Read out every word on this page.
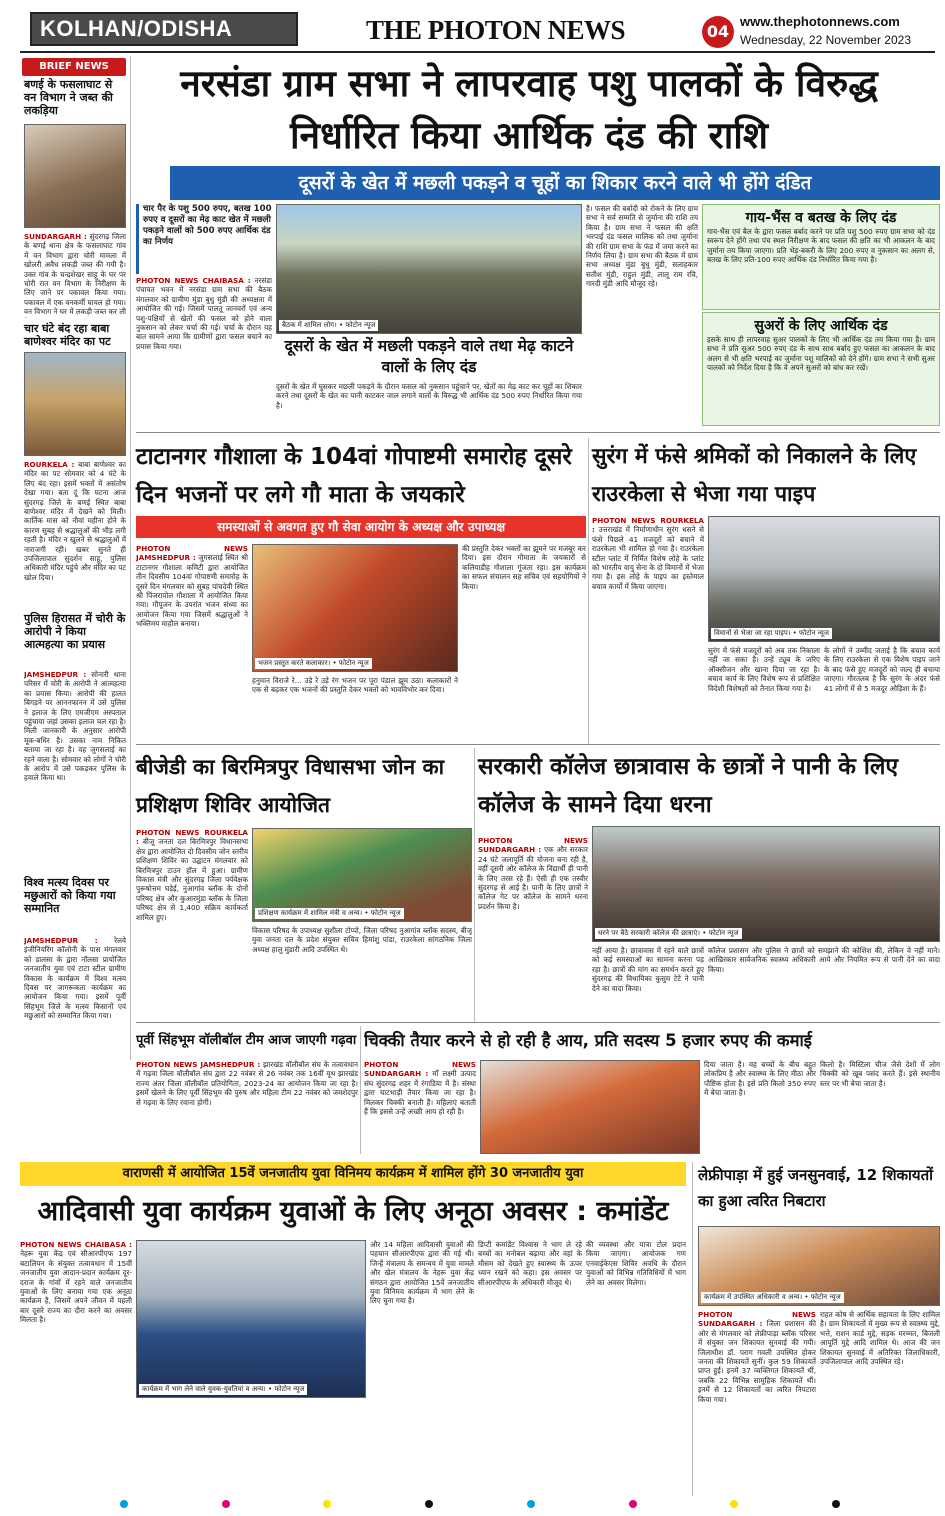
KOLHAN/ODISHA	THE PHOTON NEWS	04
www.thephotonnews.com
Wednesday, 22 November 2023
BRIEF NEWS
बणई के फसलाघाट से वन विभाग ने जब्त की लकड़िया
SUNDARGARH : सुंदरगढ़ जिला के बणई थाना क्षेत्र के फसलाघाट गांव में वन विभाग द्वारा चोरी मामला में खोलरी अवैध लकड़ी जब्त की गयी है। उक्त गांव के चन्द्रशेखर साहू के घर पर चोरी रात वन विभाग के निरीक्षण के लिए जाने पर पकावल किया गया। पकावल में एक वनकर्मी घायल हो गया। वन विभाग ने घर में लकड़ी जब्त कर ली
चार घंटे बंद रहा बाबा बाणेश्वर मंदिर का पट
ROURKELA : बाबा बाणेश्वर का मंदिर का पट सोमवार को 4 घंटे के लिए बंद रहा। इसमें भक्तों में असंतोष देखा गया। बता दूं कि घटना आज सुंदरगढ़ जिले के बणई स्थित बाबा बाणेश्वर मंदिर में देखने को मिली। कार्तिक मास को नौवां महीना होने के कारण सुबह से श्रद्धालुओं की भीड़ लगी रहती है। मंदिर न खुलने से श्रद्धालुओं में नाराजगी रही। खबर सुनते ही उपजिलापाल सुदर्शन साहू, पुलिस अधिकारी मंदिर पहुंचे और मंदिर का पट खोल दिया।
पुलिस हिरासत में चोरी के आरोपी ने किया आत्महत्या का प्रयास
JAMSHEDPUR : सोनारी थाना परिसर में चोरी के आरोपी ने आत्महत्या का प्रयास किया। आरोपी की हालत बिगड़ने पर आननफानन में उसे पुलिस ने इलाज के लिए एमजीएम अस्पताल पहुंचाया जहां उसका इलाज चल रहा है। मिली जानकारी के अनुसार आरोपी मूक-बधिर है। उसका नाम निकित बताया जा रहा है। वह जुगसलाई का रहने वाला है। सोमवार को लोगों ने चोरी के आरोप में उसे पकड़कर पुलिस के हवाले किया था।
विश्व मत्स्य दिवस पर मछुआरों को किया गया सम्मानित
JAMSHEDPUR : रेलवे इंजीनियरिंग कॉलोनी के पास मंगलवार को डालसा के द्वारा नॉलसा प्रायोजित जनजातीय युवा एवं टाटा स्टील ग्रामीण विकास के कार्यक्रम में विश्व मत्स्य दिवस पर जागरूकता कार्यक्रम का आयोजन किया गया। इसमें पूर्वी सिंहभूम जिले के मत्स्य किसानों एवं मछुआरों को सम्मानित किया गया।
नरसंडा ग्राम सभा ने लापरवाह पशु पालकों के विरुद्ध निर्धारित किया आर्थिक दंड की राशि
दूसरों के खेत में मछली पकड़ने व चूहों का शिकार करने वाले भी होंगे दंडित
चार पैर के पशु 500 रुपए, बतख 100 रुपए व दूसरों का मेढ़ काट खेत में मछली पकड़ने वालों को 500 रुपए आर्थिक दंड का निर्णय
PHOTON NEWS CHAIBASA : नरसंडा पंचायत भवन में नरसंडा ग्राम सभा की बैठक मंगलवार को ग्रामीण मुंडा बुधु मुंडी की अध्यक्षता में आयोजित की गई। जिसमें पालतू जानवरों एवं अन्य पशु-पक्षियों से खेतों की फसल को होने वाला नुकसान को लेकर चर्चा की गई। चर्चा के दौरान यह बात सामने आया कि ग्रामीणों द्वारा फसल बचाने का प्रयास किया गया।
बैठक में शामिल लोग। • फोटोन न्यूज
दूसरों के खेत में मछली पकड़ने वाले तथा मेढ़ काटने वालों के लिए दंड
दूसरों के खेत में घुसकर मछली पकड़ने के दौरान फसल को नुकसान पहुंचाने पर, खेतों का मेढ़ काट कर चूहों का शिकार करने तथा दूसरों के खेत का पानी काटकर जाल लगाने वालों के विरुद्ध भी आर्थिक दंड 500 रुपए निर्धारित किया गया है।
है। फसल की बर्बादी को रोकने के लिए ग्राम सभा ने सर्व सम्मति से जुर्माना की राशि तय किया है। ग्राम सभा ने फसल की क्षति भरपाई दंड फसल मालिक को तथा जुर्माना की राशि ग्राम सभा के फंड में जमा करने का निर्णय लिया है। ग्राम सभा की बैठक में ग्राम सभा अध्यक्ष मुंडा बुधु मुंडी, सलाहकार सतीश मुंडी, राहुल मुंडी, लालू राम रवि, गारदी मुंडी आदि मौजूद रहे।
गाय-भैंस व बतख के लिए दंड
गाय-भैंस एवं बैल के द्वारा फसल बर्बाद करने पर प्रति पशु 500 रुपए ग्राम सभा को दंड स्वरूप देने होंगे तथा पंच स्थल निरीक्षण के बाद फसल की क्षति का भी आकलन के बाद जुर्माना तय किया जाएगा। प्रति भेड़-बकरी के लिए 200 रुपए व नुकसान का अलग से, बतख के लिए प्रति-100 रुपए आर्थिक दंड निर्धारित किया गया है।
सुअरों के लिए आर्थिक दंड
इसके साथ ही लापरवाह सुअर पालकों के लिए भी आर्थिक दंड तय किया गया है। ग्राम सभा ने प्रति सुअर 500 रुपए दंड के साथ साथ बर्बाद हुए फसल का आकलन के बाद अलग से भी क्षति भरपाई का जुर्माना पशु मालिकों को देने होंगे। ग्राम सभा ने सभी सुअर पालकों को निर्देश दिया है कि वे अपने सुअरों को बांध कर रखें।
टाटानगर गौशाला के 104वां गोपाष्टमी समारोह दूसरे दिन भजनों पर लगे गौ माता के जयकारे
समस्याओं से अवगत हुए गौ सेवा आयोग के अध्यक्ष और उपाध्यक्ष
PHOTON NEWS JAMSHEDPUR : जुगसलाई स्थित श्री टाटानगर गौशाला कमिटी द्वारा आयोजित तीन दिवसीय 104वां गोपाष्टमी समारोह के दूसरे दिन मंगलवार को सुबह पांचदेवी स्थित श्री पिंजरापोल गौशाला में आयोजित किया गया। गौपूजन के उपरांत भजन संध्या का आयोजन किया गया जिसमें श्रद्धालुओं ने भक्तिमय माहौल बनाया।
भजन प्रस्तुत करते कलाकार। • फोटोन न्यूज
हनुमान विराजे रे... उड़े रे उड़े रंग भजन पर पूरा पंडाल झूम उठा। कलाकारों ने एक से बढ़कर एक भजनों की प्रस्तुति देकर भक्तों को भावविभोर कर दिया।
की प्रस्तुति देकर भक्तों का झूमने पर मजबूर कर दिया। इस दौरान गौमाता के जयकारों से कलियाडीह गौशाला गूंजता रहा। इस कार्यक्रम का सफल संचालन सह सचिव एवं सहयोगियों ने किया।
सुरंग में फंसे श्रमिकों को निकालने के लिए राउरकेला से भेजा गया पाइप
PHOTON NEWS ROURKELA : उत्तराखंड में निर्माणाधीन सुरंग धसने से फंसे पिछले 41 मजदूरों को बचाने में राउरकेला भी शामिल हो गया है। राउरकेला स्टील प्लांट में निर्मित विशेष लोहे के प्लांट को भारतीय वायु सेना के दो विमानों में भेजा गया है। इस लोहे के पाइप का इस्तेमाल बचाव कार्यों में किया जाएगा।
विमानों से भेजा जा रहा पाइप। • फोटोन न्यूज
सुरंग में फंसे मजदूरों को अब तक निकाला नहीं जा सका है। उन्हें ट्यूब के जरिए ऑक्सीजन और खाना दिया जा रहा है। बचाव कार्य के लिए विशेष रूप से प्रशिक्षित विदेशी विशेषज्ञों को तैनात किया गया है।
के लोगों ने उम्मीद जताई है कि बचाव कार्य के लिए राउरकेला से एक विशेष पाइप जाने के बाद फंसे हुए मजदूरों को जल्द ही बचाया जाएगा। गौरतलब है कि सुरंग के अंदर फंसे 41 लोगों में से 5 मजदूर ओड़िशा के हैं।
बीजेडी का बिरमित्रपुर विधासभा जोन का प्रशिक्षण शिविर आयोजित
PHOTON NEWS ROURKELA : बीजू जनता दल बिरमित्रपुर विधानसभा क्षेत्र द्वारा आयोजित दो दिवसीय जोन स्तरीय प्रशिक्षण शिविर का उद्घाटन मंगलवार को बिरमित्रपुर टाउन हॉल में हुआ। ग्रामीण विकास मंत्री और सुंदरगढ़ जिला पर्यवेक्षक पुरूषोत्तम घड़ेई, नुआगांव ब्लॉक के दोनों परिषद क्षेत्र और कुआरमुंडा ब्लॉक के जिला परिषद क्षेत्र से 1,400 सक्रिय कार्यकर्ता शामिल हुए।	प्रशिक्षण कार्यक्रम में शामिल मंत्री व अन्य। • फोटोन न्यूज
विकास परिषद के उपाध्यक्ष सुशीला टोप्पो, जिला परिषद नुआगांव ब्लॉक सदस्य, बीजू युवा जनता दल के प्रदेश संयुक्त सचिव हिमांशु पांडा, राउरकेला सांगठनिक जिला अध्यक्ष हालु मुंडारी आदि उपस्थित थे।
सरकारी कॉलेज छात्रावास के छात्रों ने पानी के लिए कॉलेज के सामने दिया धरना
PHOTON NEWS SUNDARGARH : एक और सरकार 24 घंटे जलापूर्ति की योजना बना रही है, वहीं दूसरी ओर कॉलेज के विद्यार्थी ही पानी के लिए तरस रहे हैं। ऐसी ही एक तस्वीर सुंदरगढ़ से आई है। पानी के लिए छात्रों ने कॉलेज गेट पर कॉलेज के सामने धरना प्रदर्शन किया है।
धरने पर बैठे सरकारी कॉलेज की छात्राएं। • फोटोन न्यूज
नहीं आया है। छात्रावास में रहने वाले छात्रों को कई समस्याओं का सामना करना पड़ रहा है। छात्रों की मांग का समर्थन करते हुए सुंदरगढ़ की विधायिका कुसुम टेटे ने पानी देने का वादा किया।
कॉलेज प्रशासन और पुलिस ने छात्रों को समझाने की कोशिश की, लेकिन वे नहीं माने। आखिरकार सार्वजनिक स्वास्थ्य अधिकारी आये और नियमित रूप से पानी देने का वादा किया।
पूर्वी सिंहभूम वॉलीबॉल टीम आज जाएगी गढ़वा
PHOTON NEWS JAMSHEDPUR : झारखंड वॉलीबॉल संघ के तत्वावधान में गढ़वा जिला वॉलीबॉल संघ द्वारा 22 नवंबर से 26 नवंबर तक 16वीं यूथ झारखंड राज्य अंतर जिला वॉलीबॉल प्रतियोगिता, 2023-24 का आयोजन किया जा रहा है। इसमें खेलने के लिए पूर्वी सिंहभूम की पुरुष और महिला टीम 22 नवंबर को जमशेदपुर से गढ़वा के लिए रवाना होगी।
चिक्की तैयार करने से हो रही है आय, प्रति सदस्य 5 हजार रुपए की कमाई
PHOTON NEWS SUNDARGARH : माँ लक्ष्मी उत्पाद संघ सुंदरगढ़ शहर में रंगाडिया में है। संस्था द्वारा चाटभाड़ी तैयार किया जा रहा है। मिलकर चिक्की बनाती हैं। महिलाएं बताती हैं कि इससे उन्हें अच्छी आय हो रही है।
दिया जाता है। यह बच्चों के बीच बहुत लोकप्रिय है और स्वास्थ्य के लिए मीठा और पौष्टिक होता है। इसे प्रति किलो 350 रुपए में बेचा जाता है।
किलो है। मिस्टिला चीज जैसे देशों में लोग चिक्की को खूब पसंद करते हैं। इसे स्थानीय स्तर पर भी बेचा जाता है।
वाराणसी में आयोजित 15वें जनजातीय युवा विनिमय कार्यक्रम में शामिल होंगे 30 जनजातीय युवा
आदिवासी युवा कार्यक्रम युवाओं के लिए अनूठा अवसर : कमांडेंट
PHOTON NEWS CHAIBASA : नेहरू युवा केंद्र एवं सीआरपीएफ 197 बटालियन के संयुक्त तत्वावधान में 15वीं जनजातीय युवा आदान-प्रदान कार्यक्रम दूर-दराज के गांवों में रहने वाले जनजातीय युवाओं के लिए बनाया गया एक अनूठा कार्यक्रम है, जिसमें अपने जीवन में पहली बार दूसरे राज्य का दौरा करने का अवसर मिलता है।
कार्यक्रम में भाग लेने वाले युवक-युवतियां व अन्य। • फोटोन न्यूज
और 14 महिला आदिवासी युवाओं की पहचान सीआरपीएफ द्वारा की गई थी। जिन्हें मंत्रालय के समन्वय में युवा मामले और खेल मंत्रालय के नेहरू युवा केंद्र संगठन द्वारा आयोजित 15वें जनजातीय युवा विनिमय कार्यक्रम में भाग लेने के लिए चुना गया है।
डिप्टी कमांडेंट विश्वास ने भाग ले रहे बच्चों का मनोबल बढ़ाया और वहां के मौसम को देखते हुए स्वास्थ्य के ऊपर ध्यान रखने को कहा। इस अवसर पर सीआरपीएफ के अधिकारी मौजूद थे।
की व्यवस्था और यात्रा टोल प्रदान किया जाएगा। आयोजक गण एनवाईकेएस शिविर अवधि के दौरान युवाओं को विभिन्न गतिविधियों में भाग लेने का अवसर मिलेगा।
लेफ्रीपाड़ा में हुई जनसुनवाई, 12 शिकायतों का हुआ त्वरित निबटारा
कार्यक्रम में उपस्थित अधिकारी व अन्य। • फोटोन न्यूज
PHOTON NEWS SUNDARGARH : जिला प्रशासन की ओर से मंगलवार को लेफ्रीपाड़ा ब्लॉक परिसर में संयुक्त जन शिकायत सुनवाई की गयी। जिलाधीश डॉ. पराग गवली उपस्थित होकर जनता की शिकायतें सुनीं। कुल 59 शिकायतें प्राप्त हुईं। इनमें 37 व्यक्तिगत शिकायतें थीं, जबकि 22 विभिन्न सामूहिक शिकायतें थीं। इनमें से 12 शिकायतों का त्वरित निपटारा किया गया।
राहत कोष से आर्थिक सहायता के लिए शामिल है। ग्राम शिकायतों में मुख्य रूप से स्वास्थ्य मुद्दे, भत्ते, राशन कार्ड मुद्दे, सड़क मरम्मत, बिजली आपूर्ति मुद्दे आदि शामिल थे। आज की जन शिकायत सुनवाई में अतिरिक्त जिलाधिकारी, उपजिलापाल आदि उपस्थित रहे।
